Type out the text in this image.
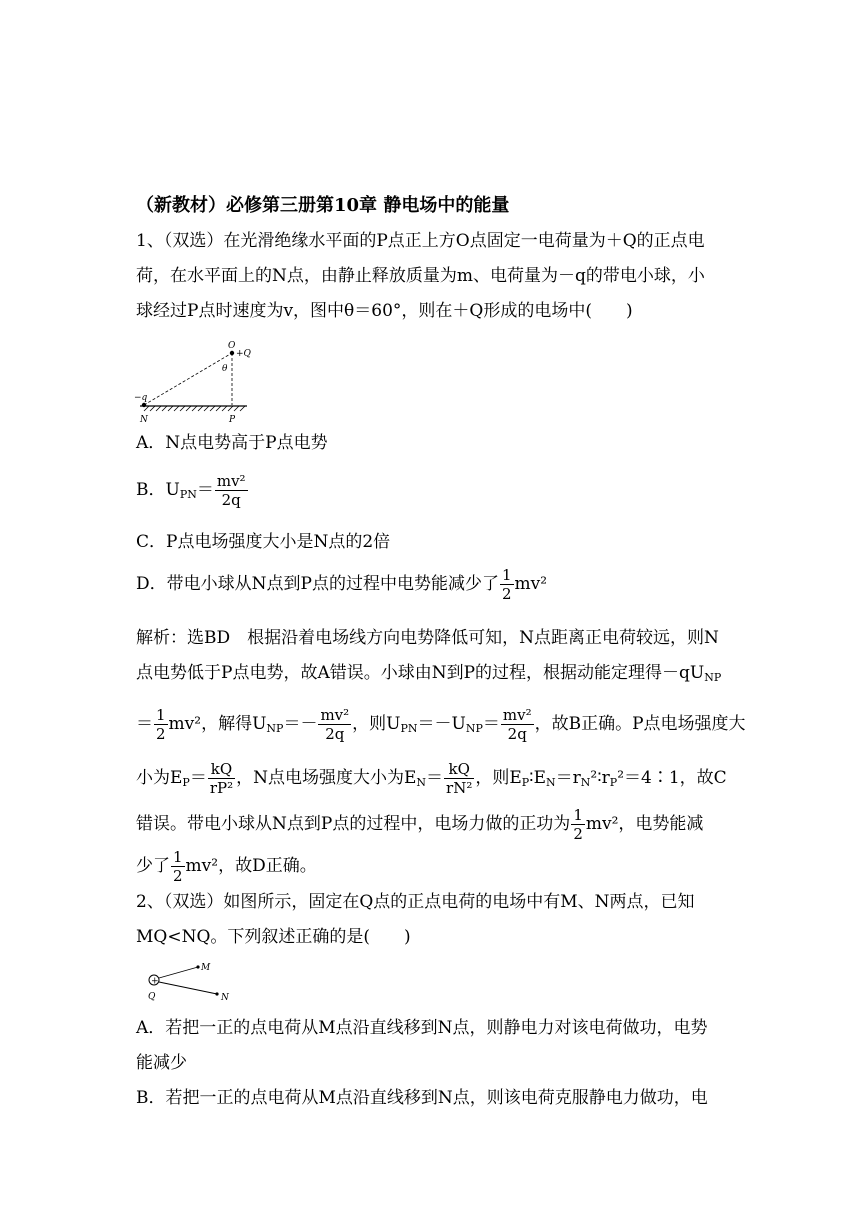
（新教材）必修第三册第10章 静电场中的能量
1、（双选）在光滑绝缘水平面的P点正上方O点固定一电荷量为＋Q的正点电
荷，在水平面上的N点，由静止释放质量为m、电荷量为－q的带电小球，小
球经过P点时速度为v，图中θ＝60°，则在＋Q形成的电场中(　　)
O
+Q
θ
−q
N	P
A．N点电势高于P点电势
B．$U_{PN}= \frac{\text{mv²}}{2q}$
C．P点电场强度大小是N点的2倍
D．带电小球从N点到P点的过程中电势能减少了 $\frac{1}{2} mv^2$
解析：选BD　根据沿着电场线方向电势降低可知，N点距离正电荷较远，则N
点电势低于P点电势，故A错误。小球由N到P的过程，根据动能定理得$-qU_{NP}$
＝ $\frac{1}{2} mv^2$，解得$U_{NP}=- \frac{\text{mv²}}{2q}$ ，则$U_{PN}=-U_{NP}= \frac{\text{mv²}}{2q}$ ，故B正确。P点电场强度大
小为$E_P= \frac{kQ}{\text{rP²}}$ ，N点电场强度大小为$E_N= \frac{kQ}{\text{rN²}}$ ，则$E_P∶E_N=r_N^2∶r_P^2=4∶1$，故C
错误。带电小球从N点到P点的过程中，电场力做的正功为 $\frac{1}{2} mv^2$，电势能减
少了 $\frac{1}{2} mv^2$，故D正确。
2、（双选）如图所示，固定在Q点的正点电荷的电场中有M、N两点，已知
MQ<NQ。下列叙述正确的是(　　)
+
Q
M
N
A．若把一正的点电荷从M点沿直线移到N点，则静电力对该电荷做功，电势
能减少
B．若把一正的点电荷从M点沿直线移到N点，则该电荷克服静电力做功，电
